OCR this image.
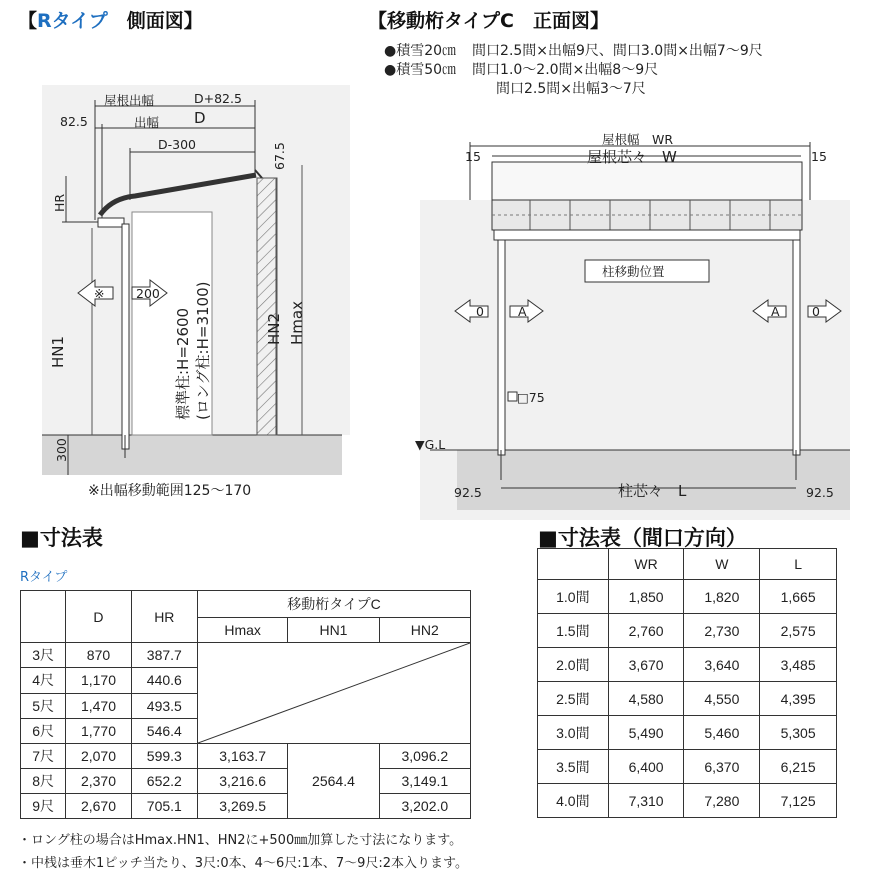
【Rタイプ　側面図】
屋根出幅	D+82.5
82.5	出幅 D
D-300	67.5
HR
※	200
HN1
HN2 Hmax
標準柱:H=2600 (ロング柱:H=3100)
300
※出幅移動範囲125～170
【移動桁タイプC　正面図】
●積雪20㎝ 間口2.5間×出幅9尺、間口3.0間×出幅7～9尺
●積雪50㎝ 間口1.0～2.0間×出幅8～9尺
間口2.5間×出幅3～7尺
屋根幅　WR
屋根芯々　W
15	15
柱移動位置
0	A	A	0
□75
▼G.L
柱芯々　L
92.5	92.5
■寸法表
Rタイプ
	D	HR	移動桁タイプC		
			Hmax	HN1	HN2
3尺	870	387.7	

4尺	1,170	440.6			
5尺	1,470	493.5			
6尺	1,770	546.4			
7尺	2,070	599.3	3,163.7	2564.4	3,096.2
8尺	2,370	652.2	3,216.6		3,149.1
9尺	2,670	705.1	3,269.5		3,202.0
■寸法表（間口方向）
	WR	W	L
1.0間	1,850	1,820	1,665
1.5間	2,760	2,730	2,575
2.0間	3,670	3,640	3,485
2.5間	4,580	4,550	4,395
3.0間	5,490	5,460	5,305
3.5間	6,400	6,370	6,215
4.0間	7,310	7,280	7,125
・ロング柱の場合はHmax.HN1、HN2に+500㎜加算した寸法になります。
・中桟は垂木1ピッチ当たり、3尺:0本、4～6尺:1本、7～9尺:2本入ります。
